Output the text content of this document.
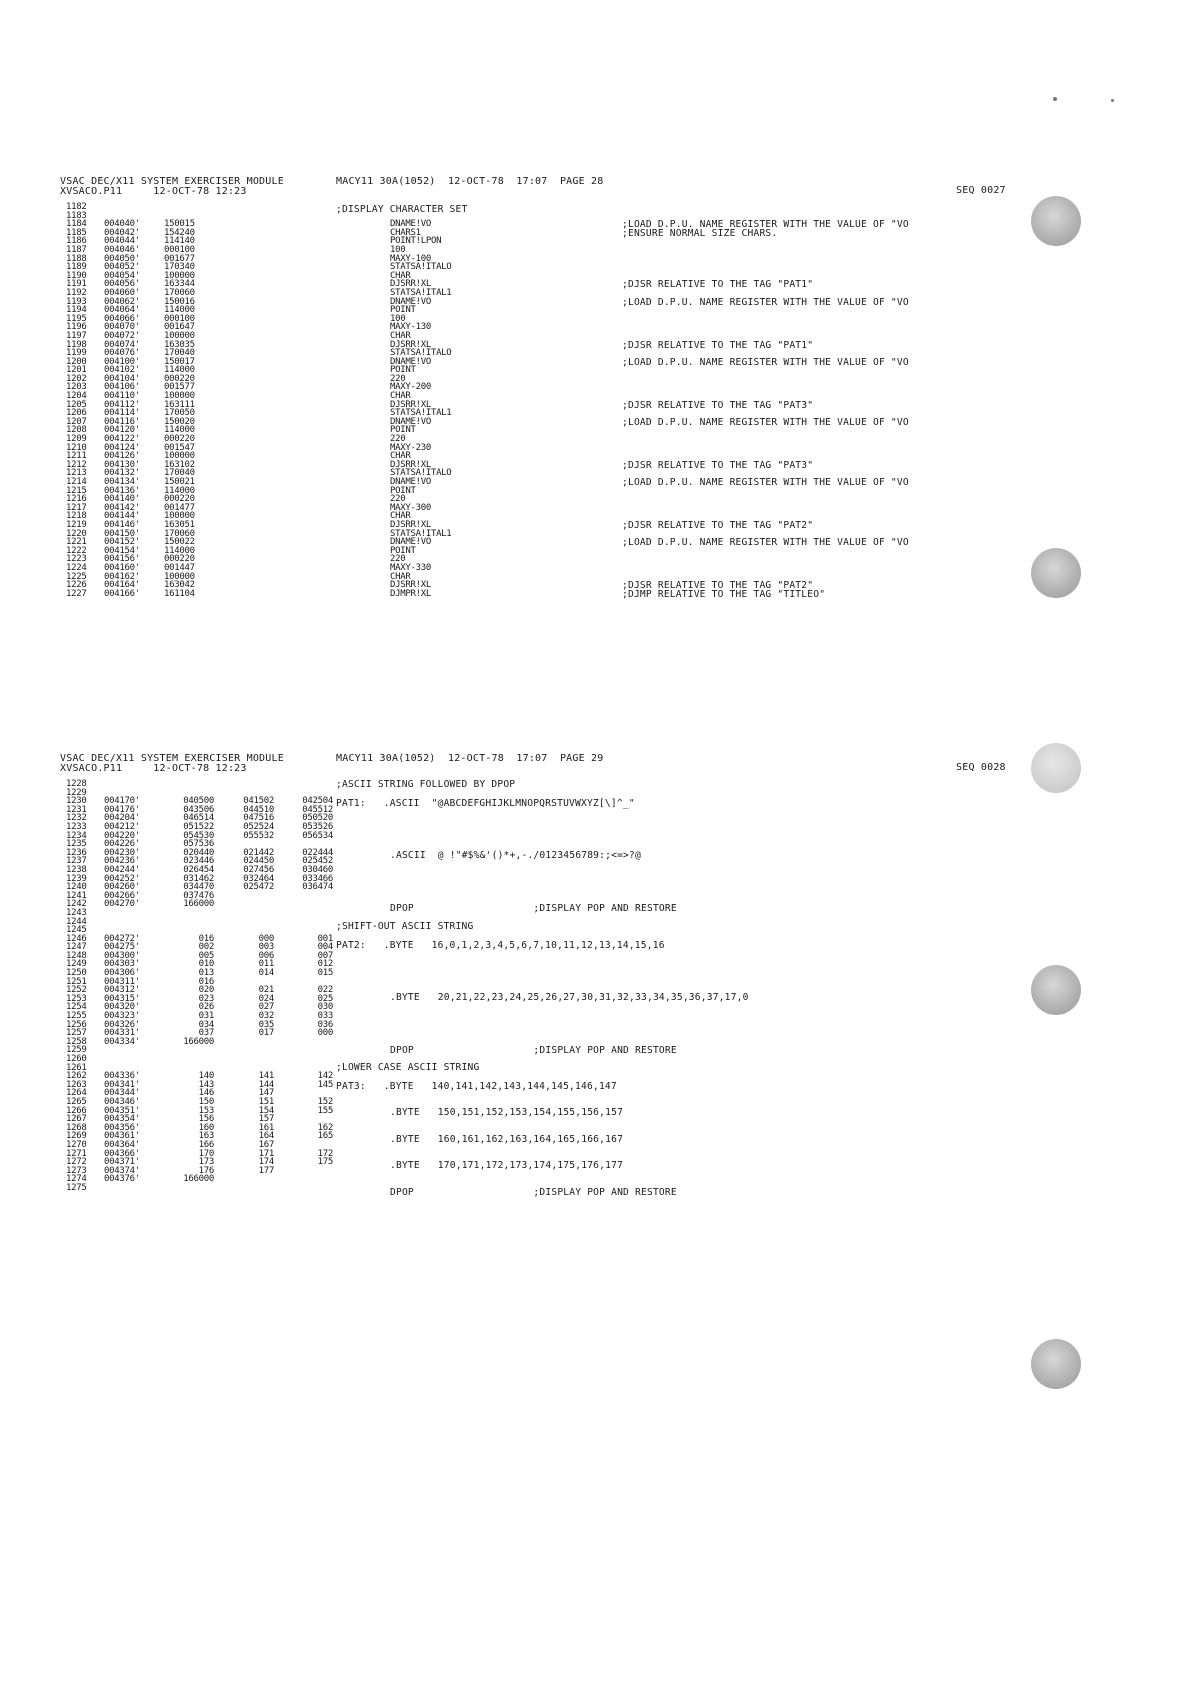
VSAC DEC/X11 SYSTEM EXERCISER MODULE
XVSACO.P11     12-OCT-78 12:23
MACY11 30A(1052)  12-OCT-78  17:07  PAGE 28
SEQ 0027
;DISPLAY CHARACTER SET
1182
1183
1184
1185
1186
1187
1188
1189
1190
1191
1192
1193
1194
1195
1196
1197
1198
1199
1200
1201
1202
1203
1204
1205
1206
1207
1208
1209
1210
1211
1212
1213
1214
1215
1216
1217
1218
1219
1220
1221
1222
1223
1224
1225
1226
1227
004040'
004042'
004044'
004046'
004050'
004052'
004054'
004056'
004060'
004062'
004064'
004066'
004070'
004072'
004074'
004076'
004100'
004102'
004104'
004106'
004110'
004112'
004114'
004116'
004120'
004122'
004124'
004126'
004130'
004132'
004134'
004136'
004140'
004142'
004144'
004146'
004150'
004152'
004154'
004156'
004160'
004162'
004164'
004166'
150015
154240
114140
000100
001677
170340
100000
163344
170060
150016
114000
000100
001647
100000
163035
170040
150017
114000
000220
001577
100000
163111
170050
150020
114000
000220
001547
100000
163102
170040
150021
114000
000220
001477
100000
163051
170060
150022
114000
000220
001447
100000
163042
161104
DNAME!VO
CHARS1
POINT!LPON
100
MAXY-100
STATSA!ITALO
CHAR
DJSRR!XL
STATSA!ITAL1
DNAME!VO
POINT
100
MAXY-130
CHAR
DJSRR!XL
STATSA!ITALO
DNAME!VO
POINT
220
MAXY-200
CHAR
DJSRR!XL
STATSA!ITAL1
DNAME!VO
POINT
220
MAXY-230
CHAR
DJSRR!XL
STATSA!ITALO
DNAME!VO
POINT
220
MAXY-300
CHAR
DJSRR!XL
STATSA!ITAL1
DNAME!VO
POINT
220
MAXY-330
CHAR
DJSRR!XL
DJMPR!XL
;LOAD D.P.U. NAME REGISTER WITH THE VALUE OF "VO
;ENSURE NORMAL SIZE CHARS.
;DJSR RELATIVE TO THE TAG "PAT1"
;LOAD D.P.U. NAME REGISTER WITH THE VALUE OF "VO
;DJSR RELATIVE TO THE TAG "PAT1"
;LOAD D.P.U. NAME REGISTER WITH THE VALUE OF "VO
;DJSR RELATIVE TO THE TAG "PAT3"
;LOAD D.P.U. NAME REGISTER WITH THE VALUE OF "VO
;DJSR RELATIVE TO THE TAG "PAT3"
;LOAD D.P.U. NAME REGISTER WITH THE VALUE OF "VO
;DJSR RELATIVE TO THE TAG "PAT2"
;LOAD D.P.U. NAME REGISTER WITH THE VALUE OF "VO
;DJSR RELATIVE TO THE TAG "PAT2"
;DJMP RELATIVE TO THE TAG "TITLEO"
VSAC DEC/X11 SYSTEM EXERCISER MODULE
XVSACO.P11     12-OCT-78 12:23
MACY11 30A(1052)  12-OCT-78  17:07  PAGE 29
SEQ 0028
1228
1229
1230
1231
1232
1233
1234
1235
1236
1237
1238
1239
1240
1241
1242
1243
1244
1245
1246
1247
1248
1249
1250
1251
1252
1253
1254
1255
1256
1257
1258
1259
1260
1261
1262
1263
1264
1265
1266
1267
1268
1269
1270
1271
1272
1273
1274
1275
004170'
004176'
004204'
004212'
004220'
004226'
004230'
004236'
004244'
004252'
004260'
004266'
004270'
004272'
004275'
004300'
004303'
004306'
004311'
004312'
004315'
004320'
004323'
004326'
004331'
004334'
004336'
004341'
004344'
004346'
004351'
004354'
004356'
004361'
004364'
004366'
004371'
004374'
004376'
040500
043506
046514
051522
054530
057536
020440
023446
026454
031462
034470
037476
166000
016
002
005
010
013
016
020
023
026
031
034
037
166000
140
143
146
150
153
156
160
163
166
170
173
176
166000
041502
044510
047516
052524
055532
021442
024450
027456
032464
025472
000
003
006
011
014
021
024
027
032
035
017
141
144
147
151
154
157
161
164
167
171
174
177
042504
045512
050520
053526
056534
022444
025452
030460
033466
036474
001
004
007
012
015
022
025
030
033
036
000
142
145
152
155
162
165
172
175
;ASCII STRING FOLLOWED BY DPOP
PAT1:   .ASCII  "@ABCDEFGHIJKLMNOPQRSTUVWXYZ[\]^_"
.ASCII  @ !"#$%&'()*+,-./0123456789:;<=>?@
DPOP                    ;DISPLAY POP AND RESTORE
;SHIFT-OUT ASCII STRING
PAT2:   .BYTE   16,0,1,2,3,4,5,6,7,10,11,12,13,14,15,16
.BYTE   20,21,22,23,24,25,26,27,30,31,32,33,34,35,36,37,17,0
DPOP                    ;DISPLAY POP AND RESTORE
;LOWER CASE ASCII STRING
PAT3:   .BYTE   140,141,142,143,144,145,146,147
.BYTE   150,151,152,153,154,155,156,157
.BYTE   160,161,162,163,164,165,166,167
.BYTE   170,171,172,173,174,175,176,177
DPOP                    ;DISPLAY POP AND RESTORE
